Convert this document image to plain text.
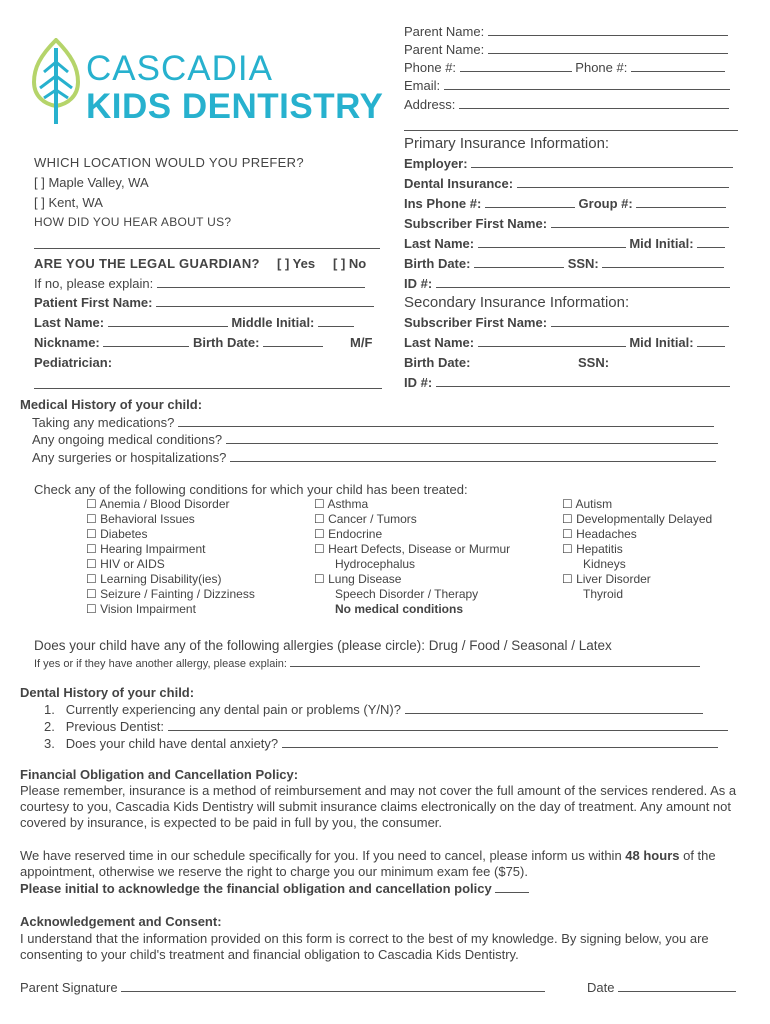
CASCADIA
KIDS DENTISTRY
Parent Name:
Parent Name:
Phone #:	Phone #:
Email:
Address:
Primary Insurance Information:
Employer:
Dental Insurance:
Ins Phone #:	Group #:
Subscriber First Name:
Last Name:	Mid Initial:
Birth Date:	SSN:
ID #:
Secondary Insurance Information:
Subscriber First Name:
Last Name:	Mid Initial:
Birth Date:	SSN:
ID #:
WHICH LOCATION WOULD YOU PREFER?
[ ] Maple Valley, WA
[ ] Kent, WA
HOW DID YOU HEAR ABOUT US?
ARE YOU THE LEGAL GUARDIAN? [ ] Yes [ ] No
If no, please explain:
Patient First Name:
Last Name:	Middle Initial:
Nickname:	Birth Date:	M/F
Pediatrician:
Medical History of your child:
Taking any medications?
Any ongoing medical conditions?
Any surgeries or hospitalizations?
Check any of the following conditions for which your child has been treated:
☐ Anemia / Blood Disorder
☐ Behavioral Issues
☐ Diabetes
☐ Hearing Impairment
☐ HIV or AIDS
☐ Learning Disability(ies)
☐ Seizure / Fainting / Dizziness
☐ Vision Impairment
☐ Asthma
☐ Cancer / Tumors
☐ Endocrine
☐ Heart Defects, Disease or Murmur
Hydrocephalus
☐ Lung Disease
Speech Disorder / Therapy
No medical conditions
☐ Autism
☐ Developmentally Delayed
☐ Headaches
☐ Hepatitis
Kidneys
☐ Liver Disorder
Thyroid
Does your child have any of the following allergies (please circle): Drug / Food / Seasonal / Latex
If yes or if they have another allergy, please explain:
Dental History of your child:
1. Currently experiencing any dental pain or problems (Y/N)?
2. Previous Dentist:
3. Does your child have dental anxiety?
Financial Obligation and Cancellation Policy:
Please remember, insurance is a method of reimbursement and may not cover the full amount of the services rendered. As a courtesy to you, Cascadia Kids Dentistry will submit insurance claims electronically on the day of treatment. Any amount not covered by insurance, is expected to be paid in full by you, the consumer.
We have reserved time in our schedule specifically for you. If you need to cancel, please inform us within 48 hours of the appointment, otherwise we reserve the right to charge you our minimum exam fee ($75).
Please initial to acknowledge the financial obligation and cancellation policy
Acknowledgement and Consent:
I understand that the information provided on this form is correct to the best of my knowledge. By signing below, you are consenting to your child's treatment and financial obligation to Cascadia Kids Dentistry.
Parent Signature	Date
